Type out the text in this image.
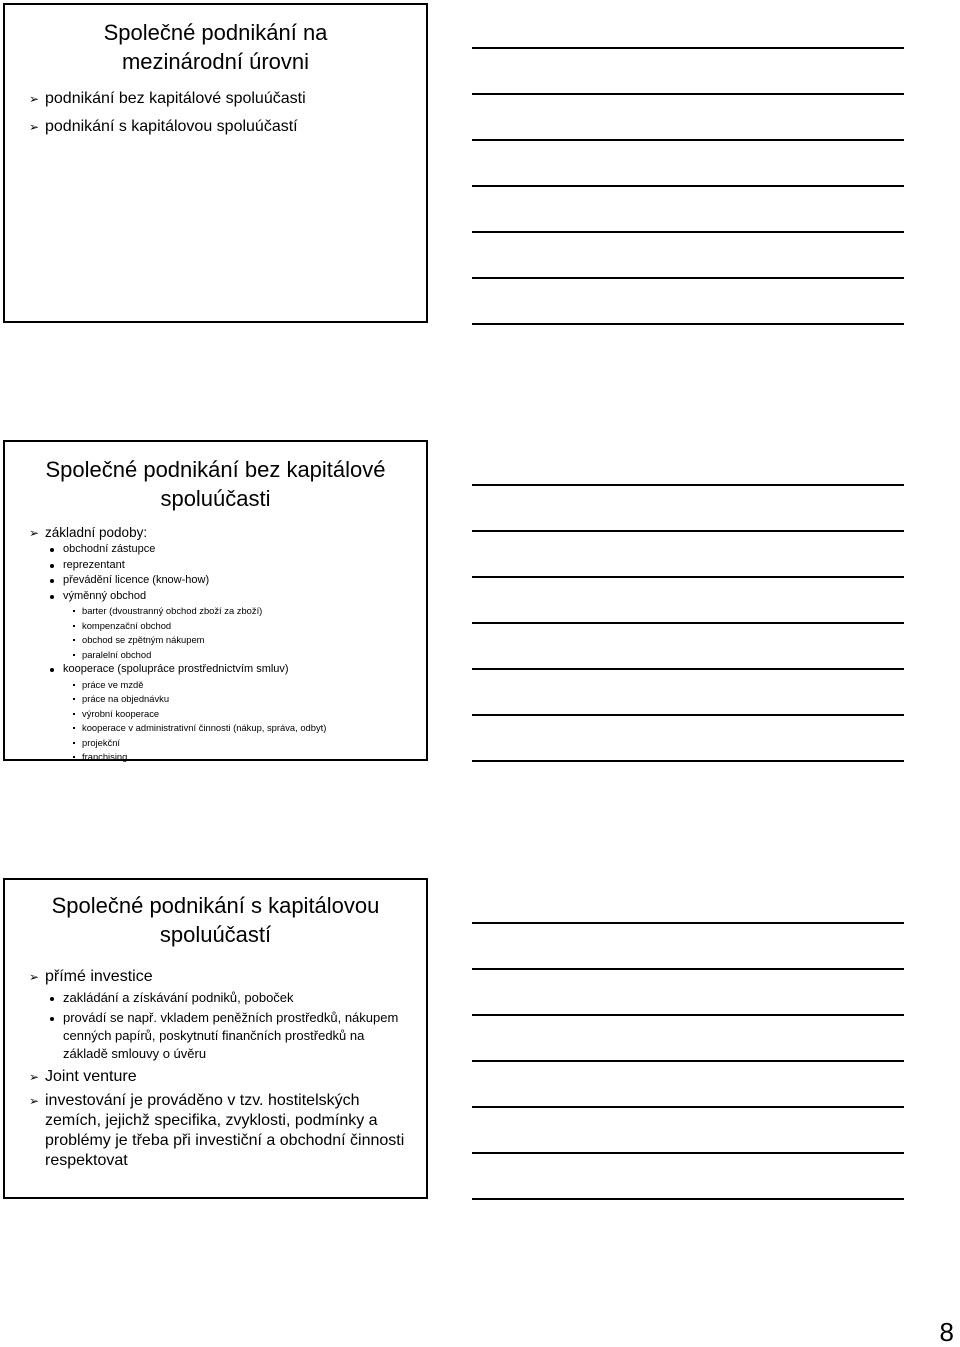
Společné podnikání na
mezinárodní úrovni

➢ podnikání bez kapitálové spoluúčasti
➢ podnikání s kapitálovou spoluúčastí

Společné podnikání bez kapitálové
spoluúčasti

➢ základní podoby:
obchodní zástupce
reprezentant
převádění licence (know-how)
výměnný obchod
barter (dvoustranný obchod zboží za zboží)
kompenzační obchod
obchod se zpětným nákupem
paralelní obchod
kooperace (spolupráce prostřednictvím smluv)
práce ve mzdě
práce na objednávku
výrobní kooperace
kooperace v administrativní činnosti (nákup, správa, odbyt)
projekční
franchising

Společné podnikání s kapitálovou
spoluúčastí

➢ přímé investice
zakládání a získávání podniků, poboček
provádí se např. vkladem peněžních prostředků, nákupem cenných papírů, poskytnutí finančních prostředků na základě smlouvy o úvěru
➢ Joint venture
➢ investování je prováděno v tzv. hostitelských zemích, jejichž specifika, zvyklosti, podmínky a problémy je třeba při investiční a obchodní činnosti respektovat
8
